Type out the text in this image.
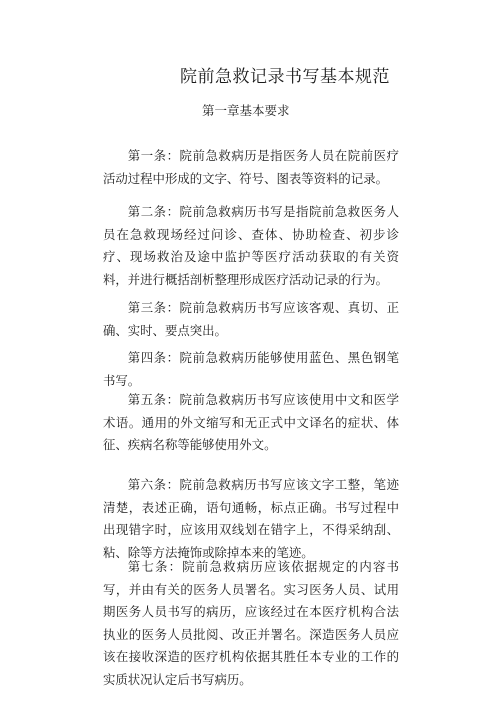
院前急救记录书写基本规范
第一章基本要求

第一条：院前急救病历是指医务人员在院前医疗活动过程中形成的文字、符号、图表等资料的记录。

第二条：院前急救病历书写是指院前急救医务人员在急救现场经过问诊、查体、协助检查、初步诊疗、现场救治及途中监护等医疗活动获取的有关资料，并进行概括剖析整理形成医疗活动记录的行为。

第三条：院前急救病历书写应该客观、真切、正确、实时、要点突出。

第四条：院前急救病历能够使用蓝色、黑色钢笔书写。

第五条：院前急救病历书写应该使用中文和医学术语。通用的外文缩写和无正式中文译名的症状、体征、疾病名称等能够使用外文。

第六条：院前急救病历书写应该文字工整，笔迹清楚，表述正确，语句通畅，标点正确。书写过程中出现错字时，应该用双线划在错字上，不得采纳刮、粘、除等方法掩饰或除掉本来的笔迹。

第七条：院前急救病历应该依据规定的内容书写，并由有关的医务人员署名。实习医务人员、试用期医务人员书写的病历，应该经过在本医疗机构合法执业的医务人员批阅、改正并署名。深造医务人员应该在接收深造的医疗机构依据其胜任本专业的工作的实质状况认定后书写病历。
